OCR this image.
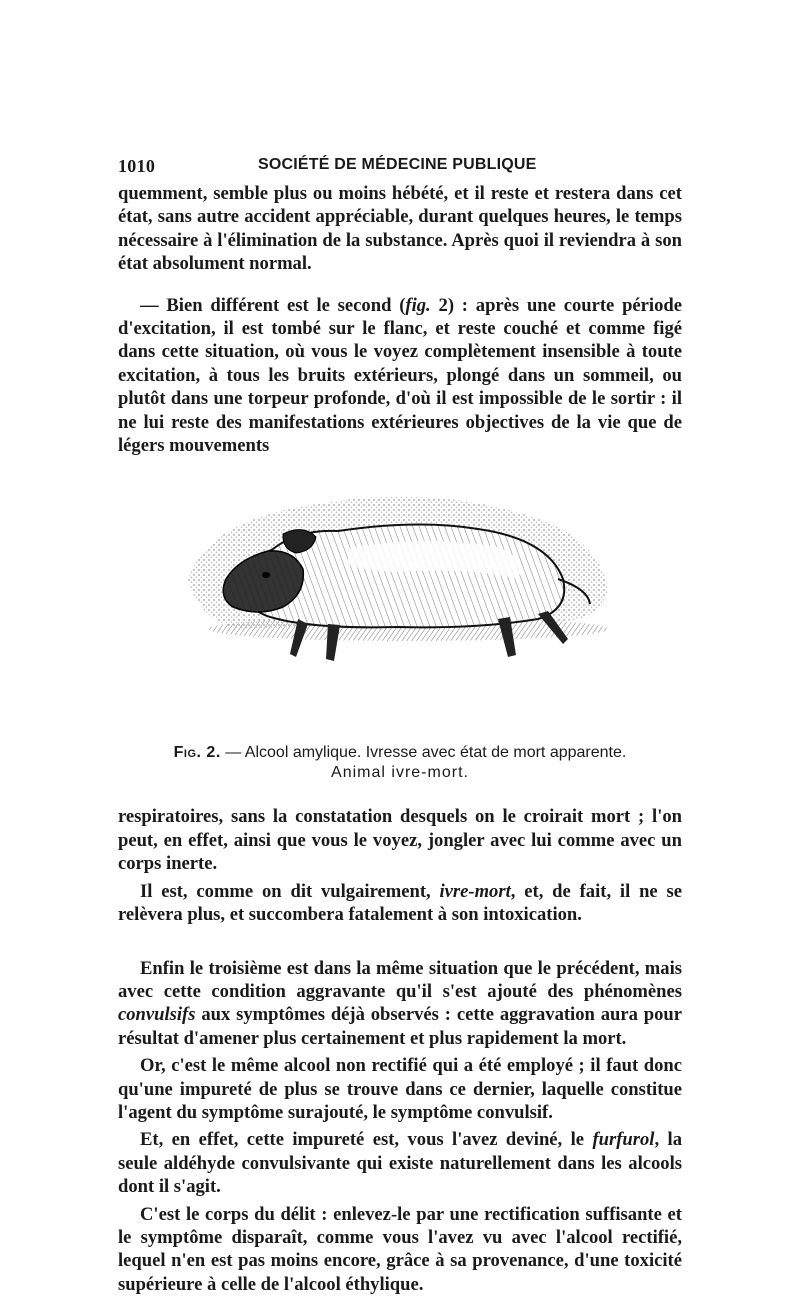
1010	SOCIÉTÉ DE MÉDECINE PUBLIQUE

quemment, semble plus ou moins hébété, et il reste et restera dans cet état, sans autre accident appréciable, durant quelques heures, le temps nécessaire à l'élimination de la substance. Après quoi il reviendra à son état absolument normal.

— Bien différent est le second (fig. 2) : après une courte période d'excitation, il est tombé sur le flanc, et reste couché et comme figé dans cette situation, où vous le voyez complètement insensible à toute excitation, à tous les bruits extérieurs, plongé dans un sommeil, ou plutôt dans une torpeur profonde, d'où il est impossible de le sortir : il ne lui reste des manifestations extérieures objectives de la vie que de légers mouvements

Fig. 2. — Alcool amylique. Ivresse avec état de mort apparente.
Animal ivre-mort.

respiratoires, sans la constatation desquels on le croirait mort ; l'on peut, en effet, ainsi que vous le voyez, jongler avec lui comme avec un corps inerte.

Il est, comme on dit vulgairement, ivre-mort, et, de fait, il ne se relèvera plus, et succombera fatalement à son intoxication.

Enfin le troisième est dans la même situation que le précédent, mais avec cette condition aggravante qu'il s'est ajouté des phénomènes convulsifs aux symptômes déjà observés : cette aggravation aura pour résultat d'amener plus certainement et plus rapidement la mort.

Or, c'est le même alcool non rectifié qui a été employé ; il faut donc qu'une impureté de plus se trouve dans ce dernier, laquelle constitue l'agent du symptôme surajouté, le symptôme convulsif.

Et, en effet, cette impureté est, vous l'avez deviné, le furfurol, la seule aldéhyde convulsivante qui existe naturellement dans les alcools dont il s'agit.

C'est le corps du délit : enlevez-le par une rectification suffisante et le symptôme disparaît, comme vous l'avez vu avec l'alcool rectifié, lequel n'en est pas moins encore, grâce à sa provenance, d'une toxicité supérieure à celle de l'alcool éthylique.
